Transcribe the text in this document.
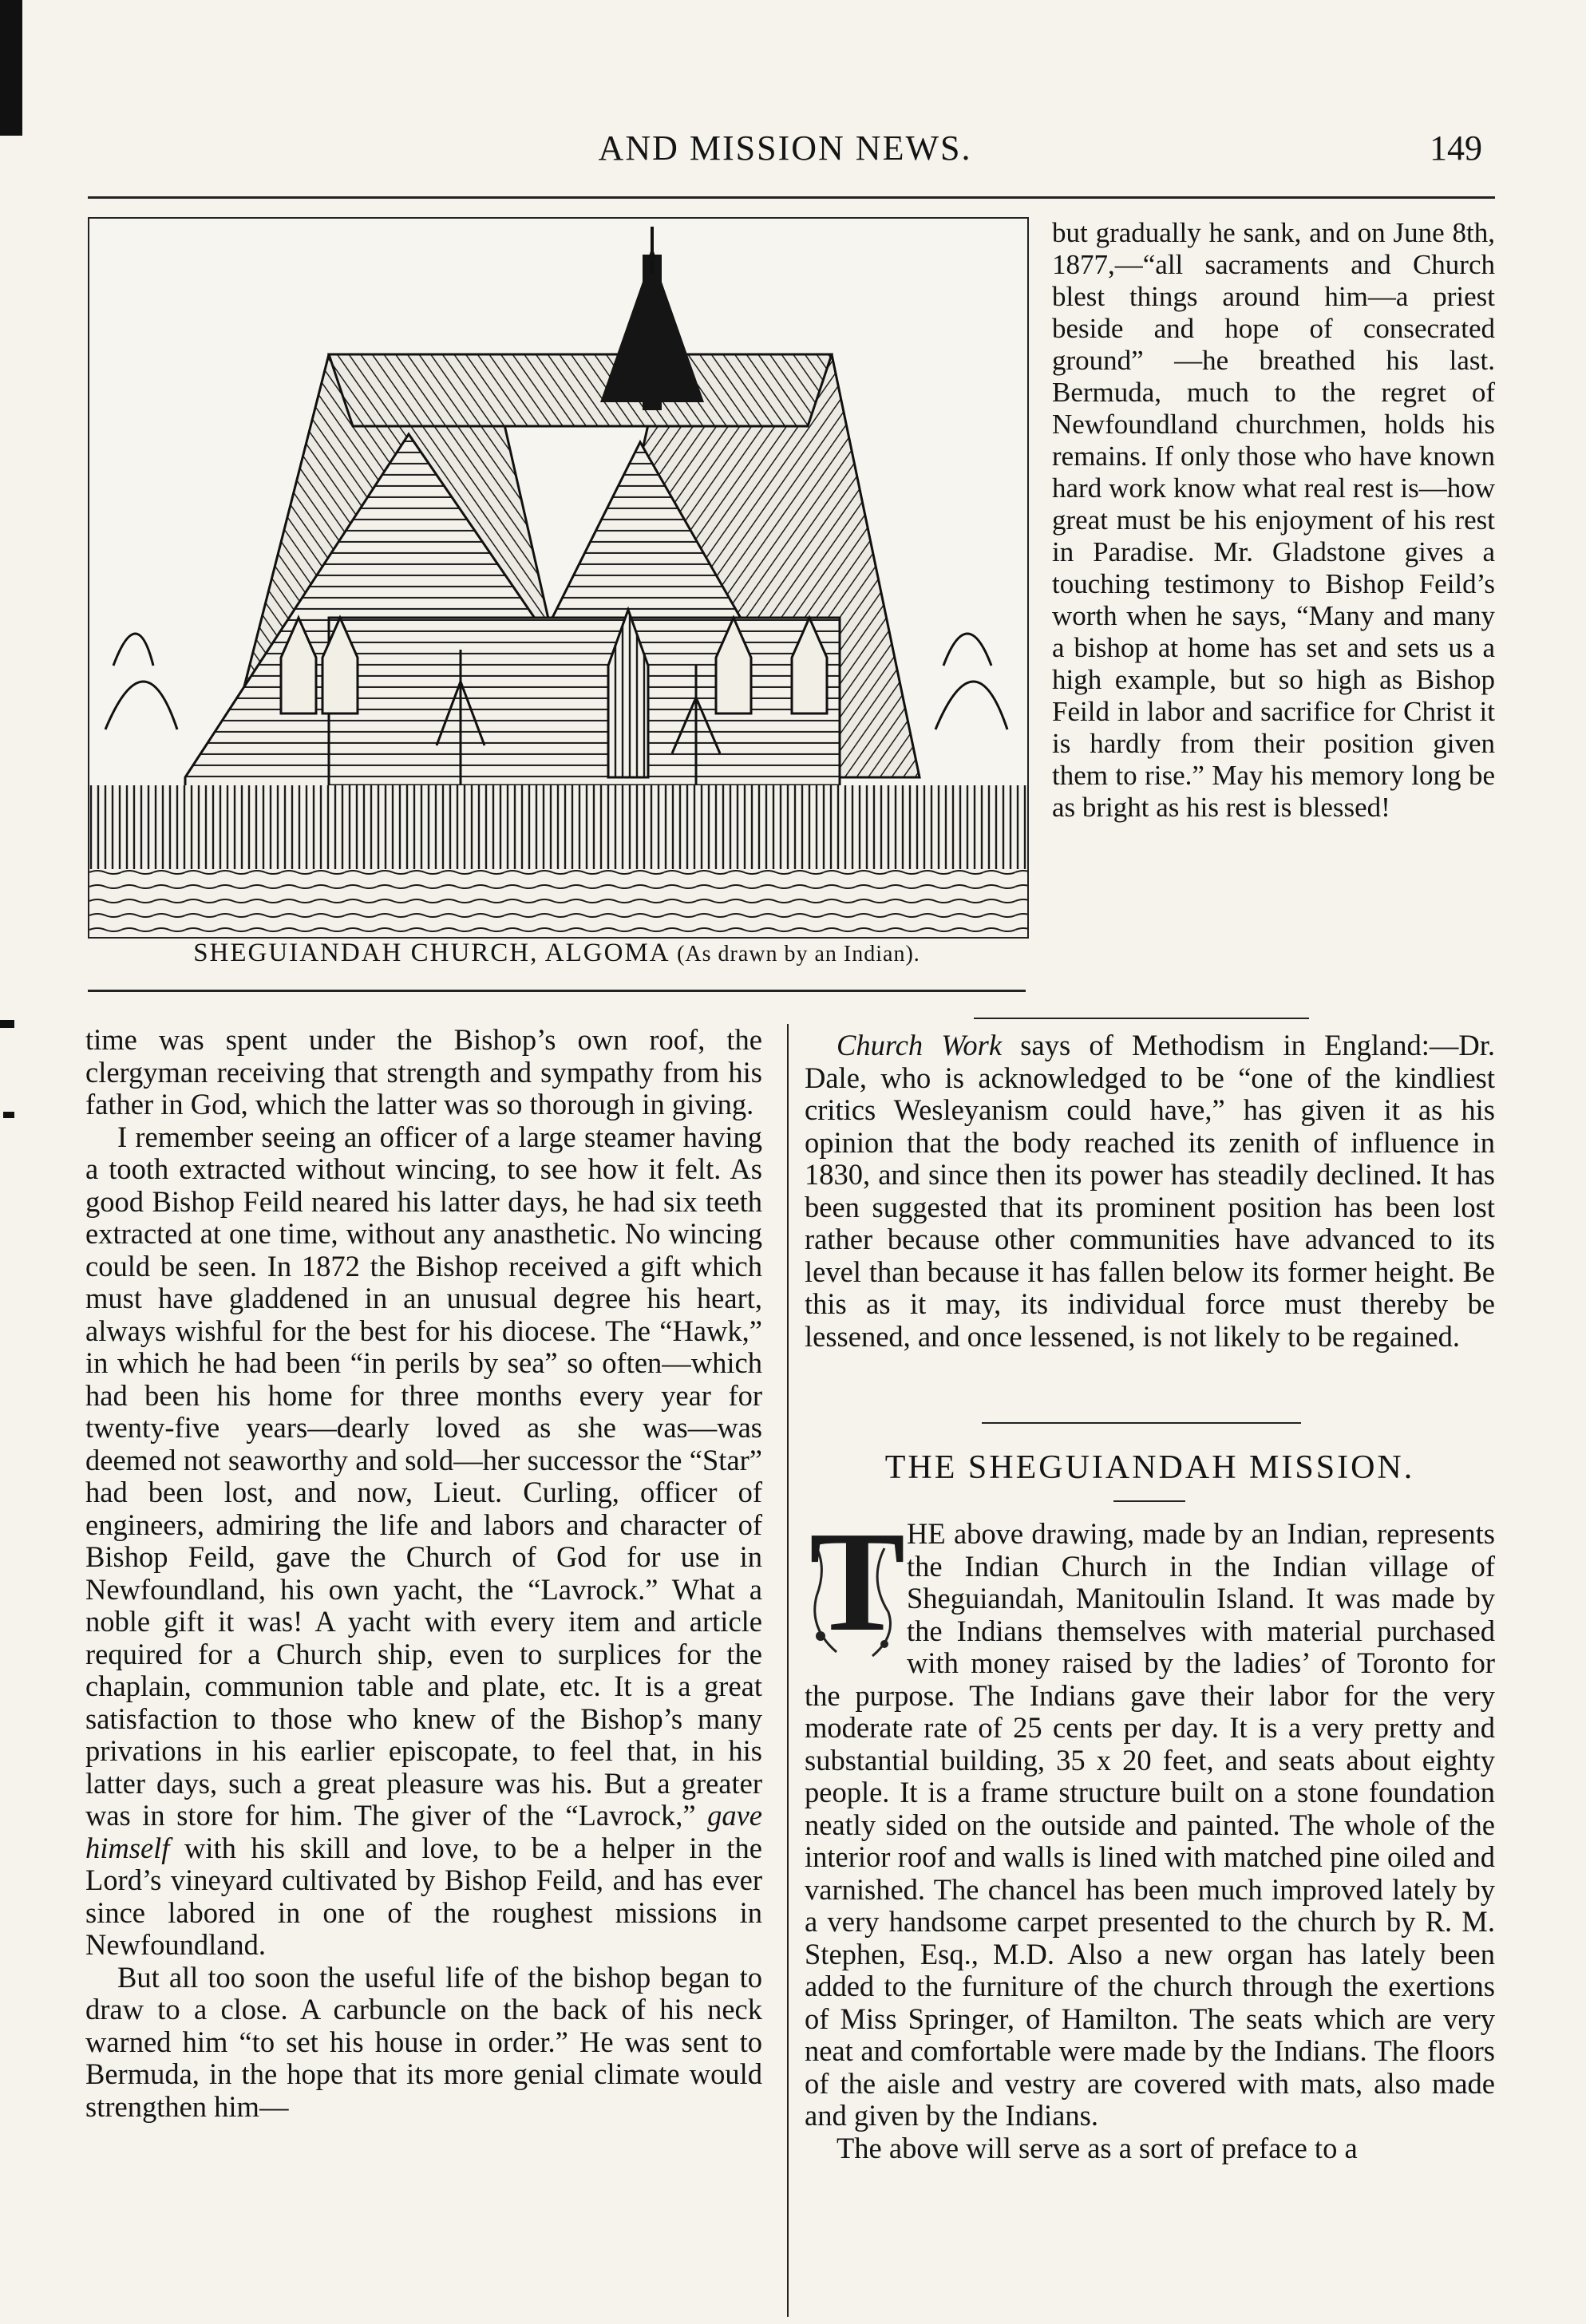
AND MISSION NEWS.	149
SHEGUIANDAH CHURCH, ALGOMA (As drawn by an Indian).

but gradually he sank, and on June 8th, 1877,—“all sacraments and Church blest things around him—a priest beside and hope of consecrated ground” —he breathed his last. Bermuda, much to the regret of Newfoundland churchmen, holds his remains. If only those who have known hard work know what real rest is—how great must be his enjoyment of his rest in Paradise. Mr. Gladstone gives a touching testimony to Bishop Feild’s worth when he says, “Many and many a bishop at home has set and sets us a high example, but so high as Bishop Feild in labor and sacrifice for Christ it is hardly from their position given them to rise.” May his memory long be as bright as his rest is blessed!

time was spent under the Bishop’s own roof, the clergyman receiving that strength and sympathy from his father in God, which the latter was so thorough in giving.

I remember seeing an officer of a large steamer having a tooth extracted without wincing, to see how it felt. As good Bishop Feild neared his latter days, he had six teeth extracted at one time, without any anasthetic. No wincing could be seen. In 1872 the Bishop received a gift which must have gladdened in an unusual degree his heart, always wishful for the best for his diocese. The “Hawk,” in which he had been “in perils by sea” so often—which had been his home for three months every year for twenty-five years—dearly loved as she was—was deemed not seaworthy and sold—her successor the “Star” had been lost, and now, Lieut. Curling, officer of engineers, admiring the life and labors and character of Bishop Feild, gave the Church of God for use in Newfoundland, his own yacht, the “Lavrock.” What a noble gift it was! A yacht with every item and article required for a Church ship, even to surplices for the chaplain, communion table and plate, etc. It is a great satisfaction to those who knew of the Bishop’s many privations in his earlier episcopate, to feel that, in his latter days, such a great pleasure was his. But a greater was in store for him. The giver of the “Lavrock,” gave himself with his skill and love, to be a helper in the Lord’s vineyard cultivated by Bishop Feild, and has ever since labored in one of the roughest missions in Newfoundland.

But all too soon the useful life of the bishop began to draw to a close. A carbuncle on the back of his neck warned him “to set his house in order.” He was sent to Bermuda, in the hope that its more genial climate would strengthen him—

Church Work says of Methodism in England:—Dr. Dale, who is acknowledged to be “one of the kindliest critics Wesleyanism could have,” has given it as his opinion that the body reached its zenith of influence in 1830, and since then its power has steadily declined. It has been suggested that its prominent position has been lost rather because other communities have advanced to its level than because it has fallen below its former height. Be this as it may, its individual force must thereby be lessened, and once lessened, is not likely to be regained.

THE SHEGUIANDAH MISSION.
T HE above drawing, made by an Indian, represents the Indian Church in the Indian village of Sheguiandah, Manitoulin Island. It was made by the Indians themselves with material purchased with money raised by the ladies’ of Toronto for the purpose. The Indians gave their labor for the very moderate rate of 25 cents per day. It is a very pretty and substantial building, 35 x 20 feet, and seats about eighty people. It is a frame structure built on a stone foundation neatly sided on the outside and painted. The whole of the interior roof and walls is lined with matched pine oiled and varnished. The chancel has been much improved lately by a very handsome carpet presented to the church by R. M. Stephen, Esq., M.D. Also a new organ has lately been added to the furniture of the church through the exertions of Miss Springer, of Hamilton. The seats which are very neat and comfortable were made by the Indians. The floors of the aisle and vestry are covered with mats, also made and given by the Indians.

The above will serve as a sort of preface to a
